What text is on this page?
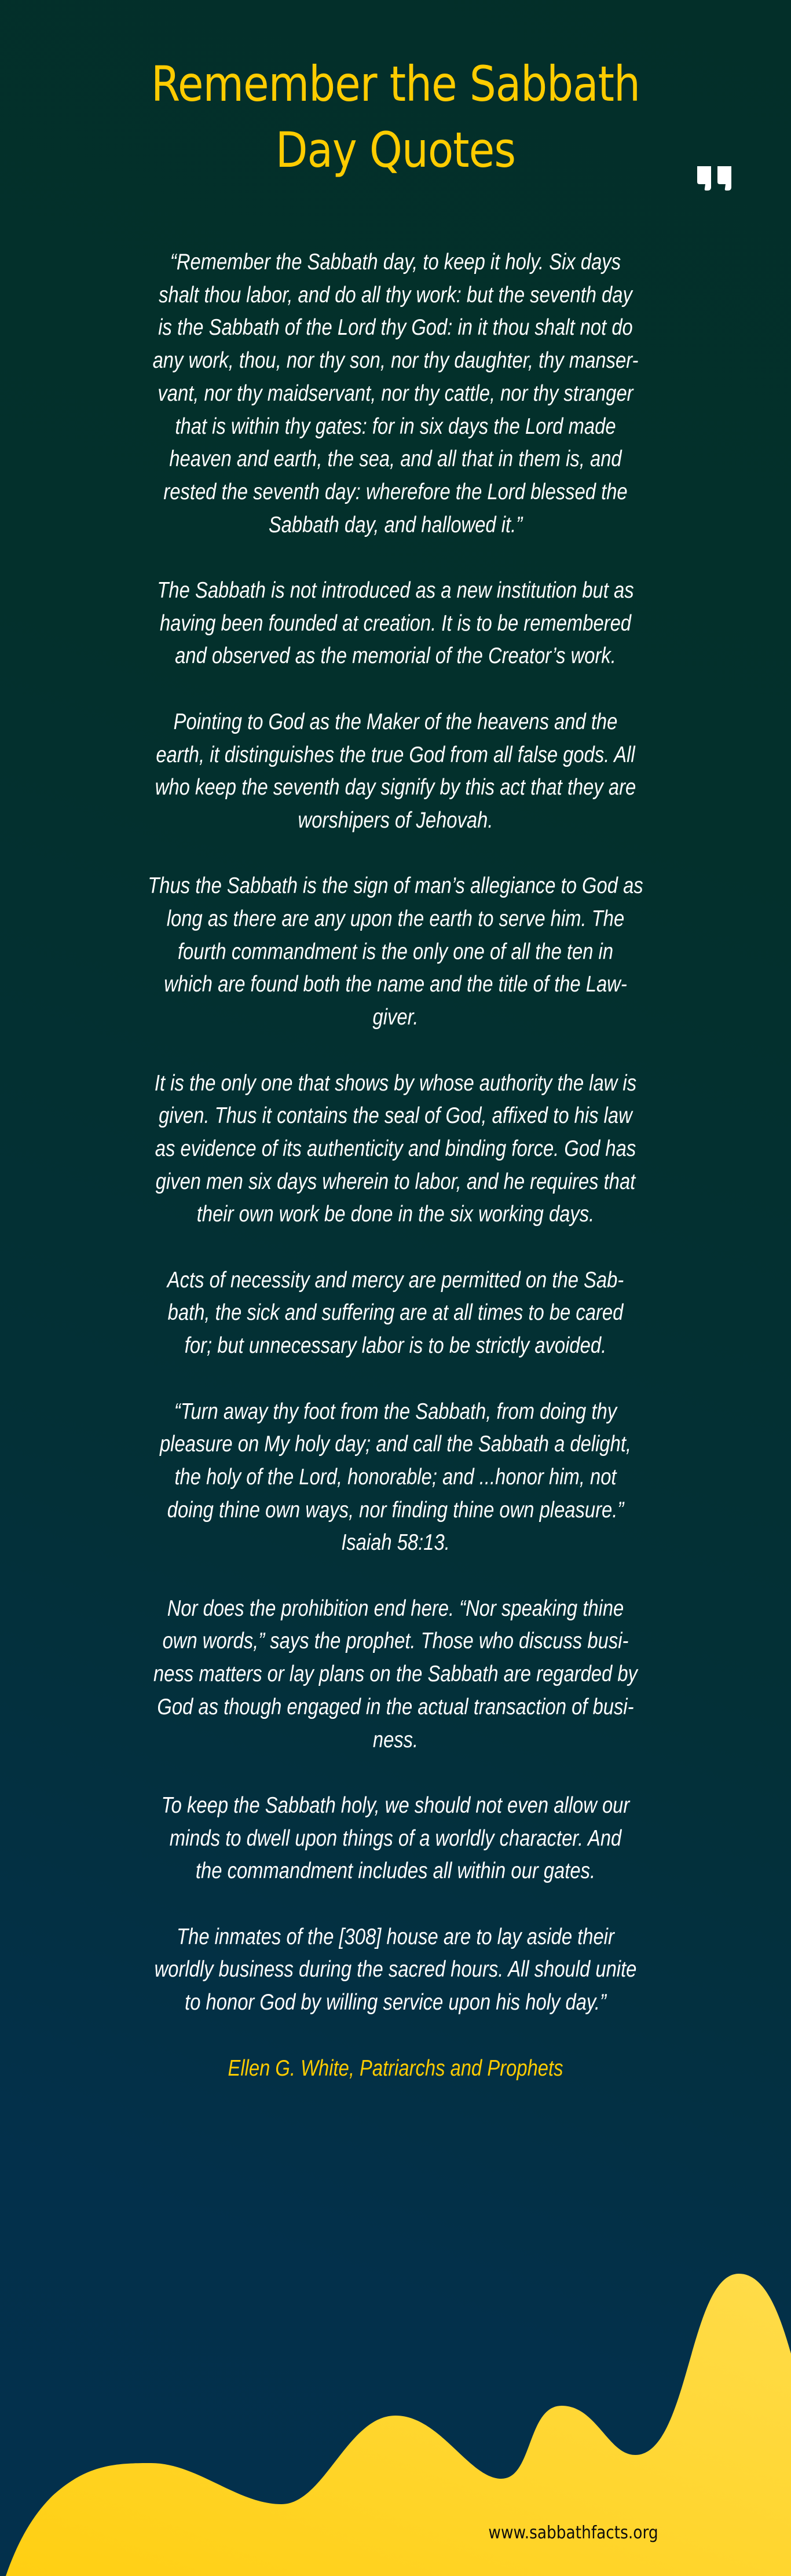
Remember the Sabbath
Day Quotes

“Remember the Sabbath day, to keep it holy. Six days
shalt thou labor, and do all thy work: but the seventh day
is the Sabbath of the Lord thy God: in it thou shalt not do
any work, thou, nor thy son, nor thy daughter, thy manser-
vant, nor thy maidservant, nor thy cattle, nor thy stranger
that is within thy gates: for in six days the Lord made
heaven and earth, the sea, and all that in them is, and
rested the seventh day: wherefore the Lord blessed the
Sabbath day, and hallowed it.”

The Sabbath is not introduced as a new institution but as
having been founded at creation. It is to be remembered
and observed as the memorial of the Creator’s work.

Pointing to God as the Maker of the heavens and the
earth, it distinguishes the true God from all false gods. All
who keep the seventh day signify by this act that they are
worshipers of Jehovah.

Thus the Sabbath is the sign of man’s allegiance to God as
long as there are any upon the earth to serve him. The
fourth commandment is the only one of all the ten in
which are found both the name and the title of the Law-
giver.

It is the only one that shows by whose authority the law is
given. Thus it contains the seal of God, affixed to his law
as evidence of its authenticity and binding force. God has
given men six days wherein to labor, and he requires that
their own work be done in the six working days.

Acts of necessity and mercy are permitted on the Sab-
bath, the sick and suffering are at all times to be cared
for; but unnecessary labor is to be strictly avoided.

“Turn away thy foot from the Sabbath, from doing thy
pleasure on My holy day; and call the Sabbath a delight,
the holy of the Lord, honorable; and ...honor him, not
doing thine own ways, nor finding thine own pleasure.”
Isaiah 58:13.

Nor does the prohibition end here. “Nor speaking thine
own words,” says the prophet. Those who discuss busi-
ness matters or lay plans on the Sabbath are regarded by
God as though engaged in the actual transaction of busi-
ness.

To keep the Sabbath holy, we should not even allow our
minds to dwell upon things of a worldly character. And
the commandment includes all within our gates.

The inmates of the [308] house are to lay aside their
worldly business during the sacred hours. All should unite
to honor God by willing service upon his holy day.”

Ellen G. White, Patriarchs and Prophets

www.sabbathfacts.org
